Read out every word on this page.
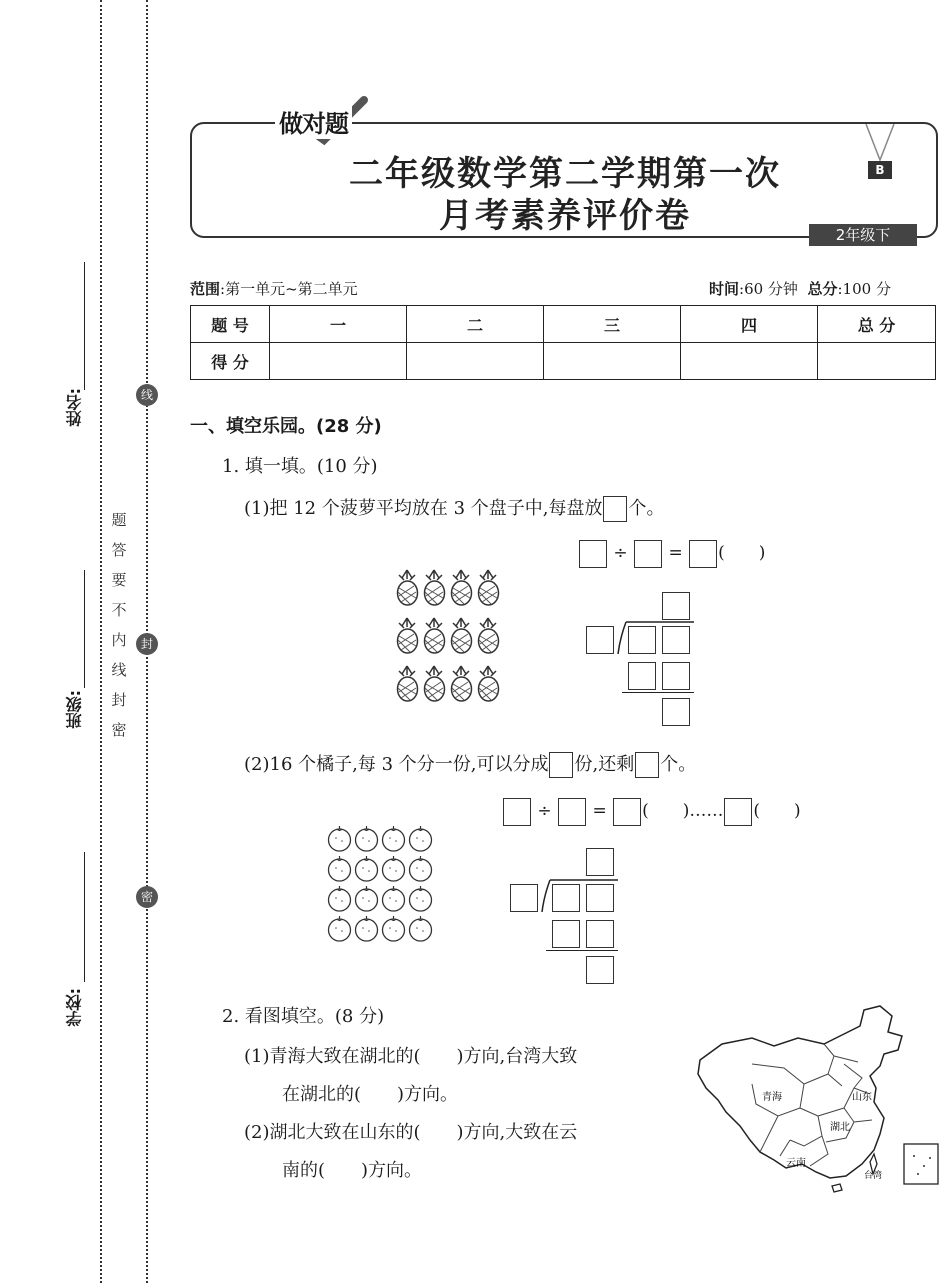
姓名:
班级:
学校:
线
封
密
题
答
要
不
内
线
封
密
做对题
B
二年级数学第二学期第一次
月考素养评价卷	2年级下
范围:第一单元~第二单元	时间:60 分钟 总分:100 分
题 号	一	二	三	四	总 分
得 分					
一、填空乐园。(28 分)
1. 填一填。(10 分)
(1)把 12 个菠萝平均放在 3 个盘子中,每盘放 个。
÷ = (　　)
(2)16 个橘子,每 3 个分一份,可以分成 份,还剩 个。
÷ = (　　)…… (　　)
2. 看图填空。(8 分)
(1)青海大致在湖北的(　　)方向,台湾大致
在湖北的(　　)方向。
(2)湖北大致在山东的(　　)方向,大致在云
南的(　　)方向。
青海	山东
湖北
云南
台湾
